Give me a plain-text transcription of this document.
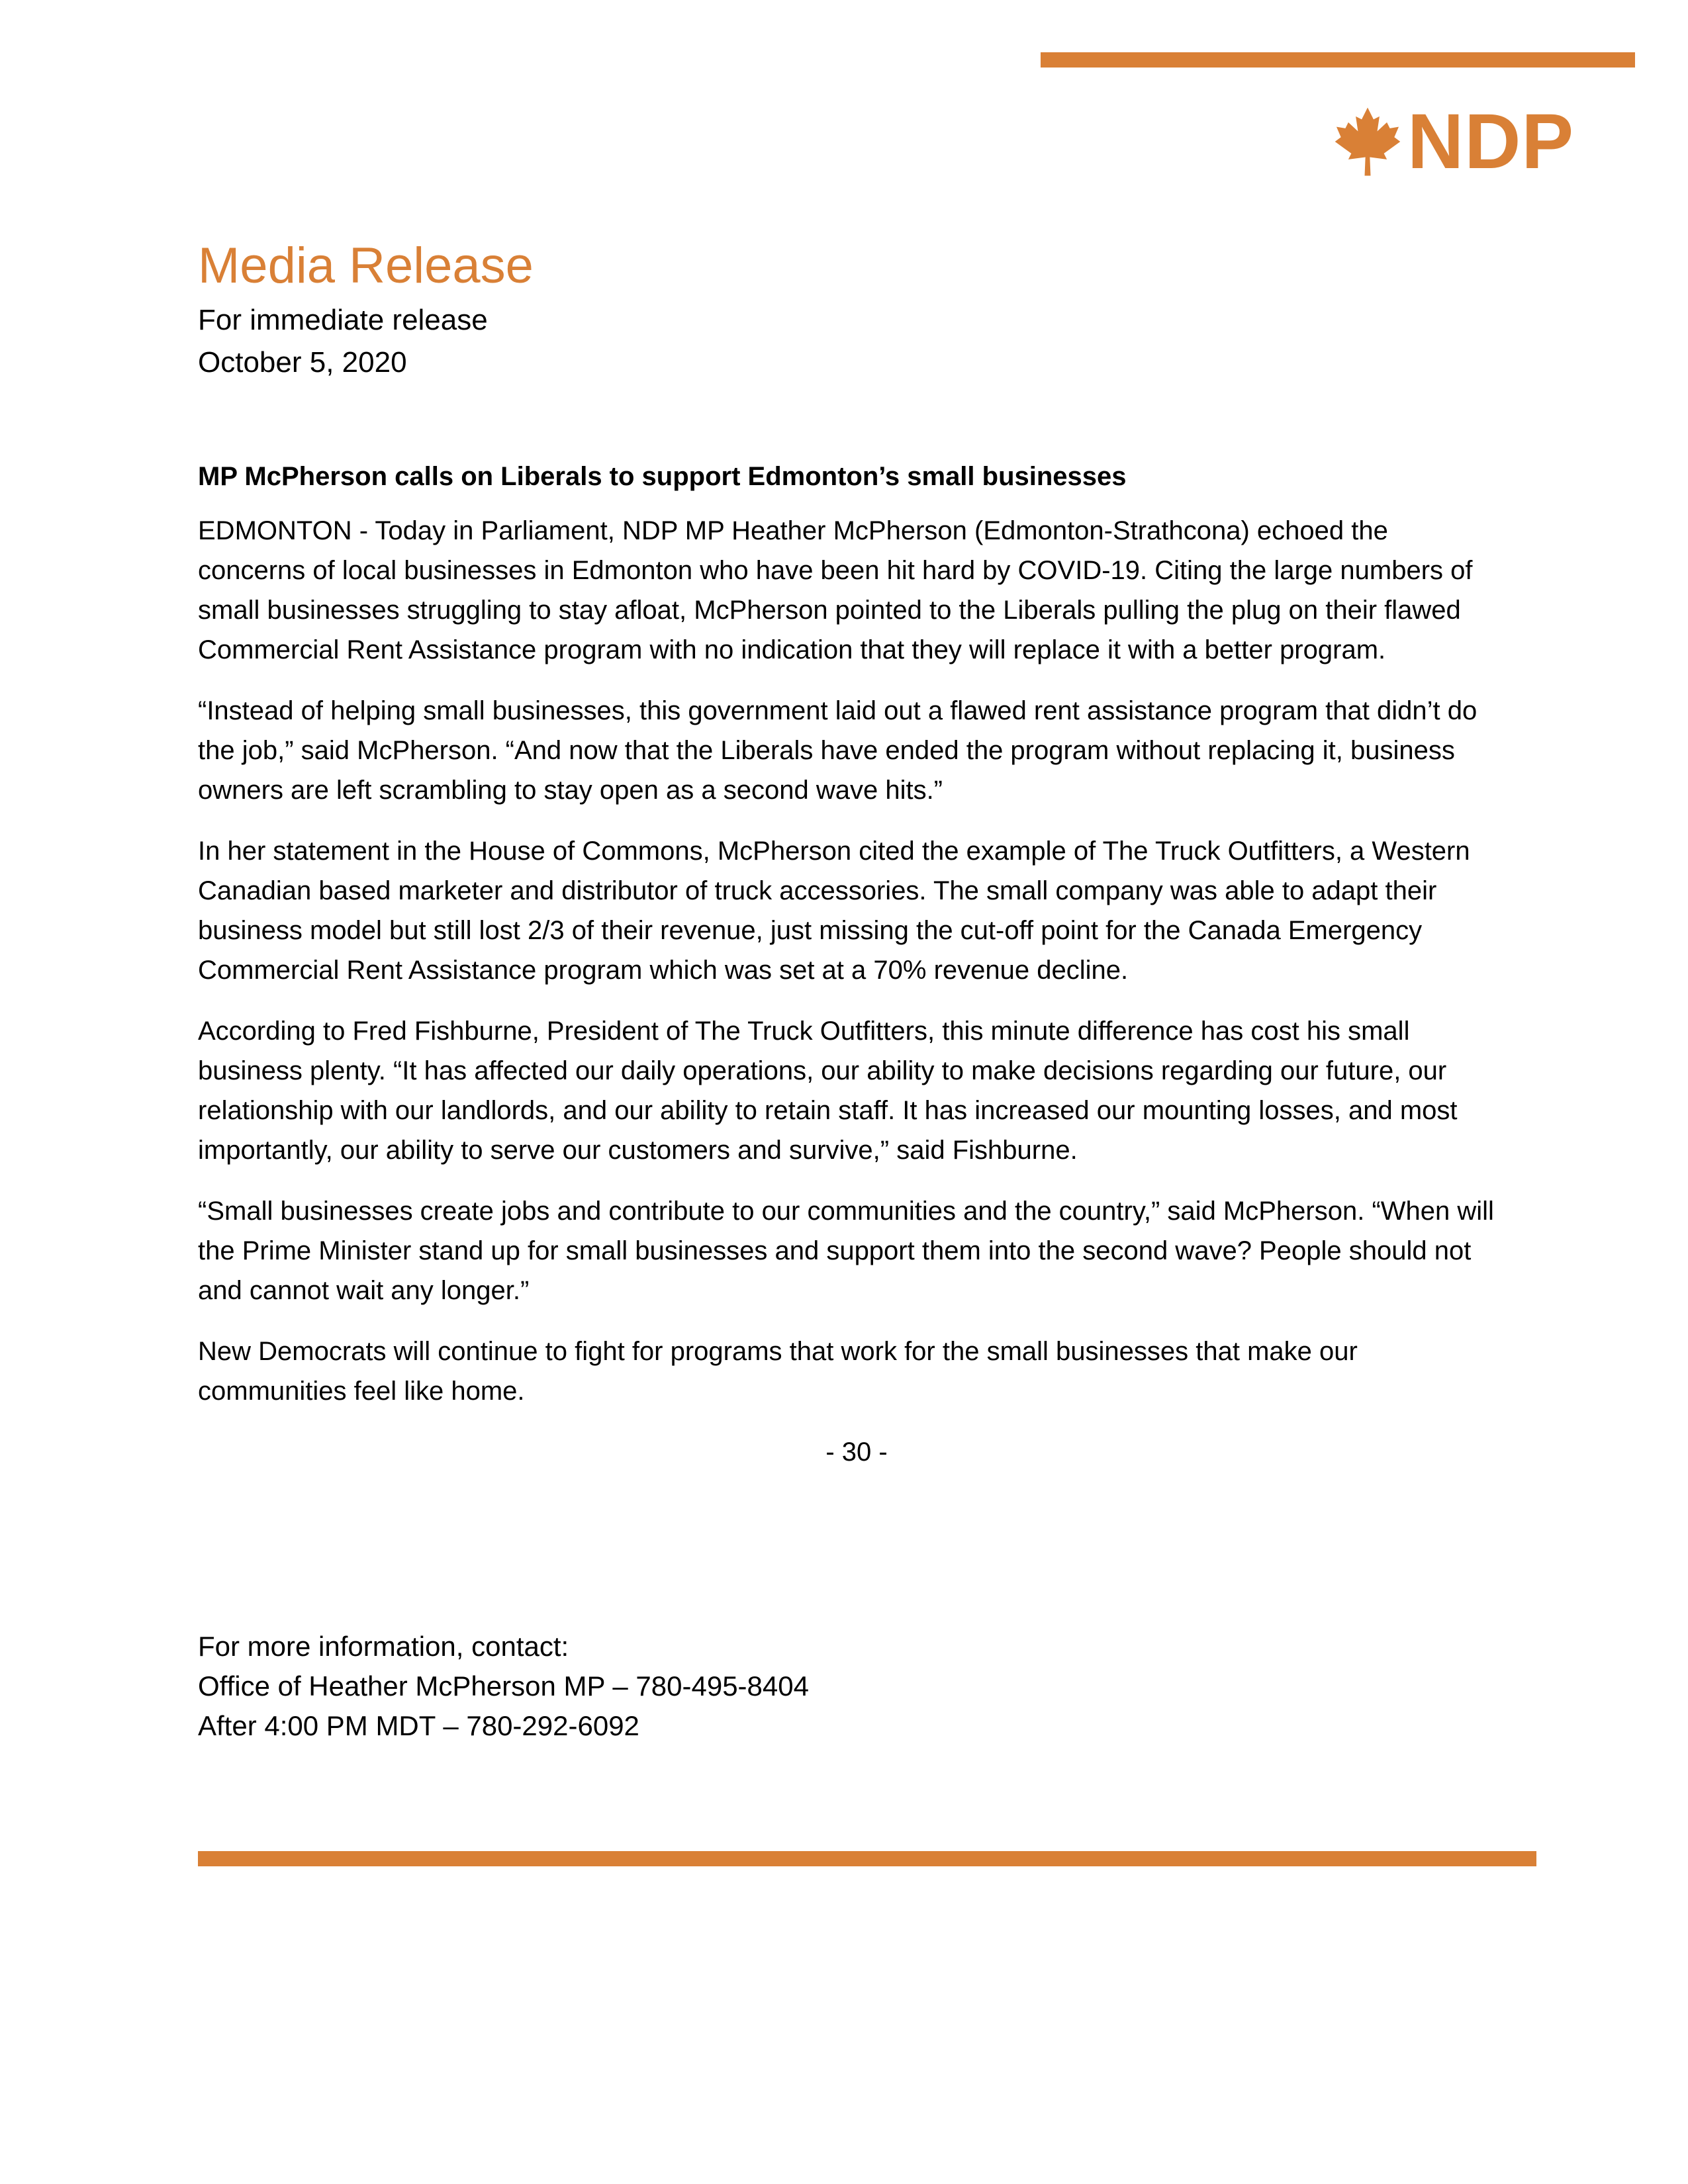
NDP
Media Release

For immediate release

October 5, 2020

MP McPherson calls on Liberals to support Edmonton’s small businesses

EDMONTON - Today in Parliament, NDP MP Heather McPherson (Edmonton-Strathcona) echoed the concerns of local businesses in Edmonton who have been hit hard by COVID-19. Citing the large numbers of small businesses struggling to stay afloat, McPherson pointed to the Liberals pulling the plug on their flawed Commercial Rent Assistance program with no indication that they will replace it with a better program.

“Instead of helping small businesses, this government laid out a flawed rent assistance program that didn’t do the job,” said McPherson. “And now that the Liberals have ended the program without replacing it, business owners are left scrambling to stay open as a second wave hits.”

In her statement in the House of Commons, McPherson cited the example of The Truck Outfitters, a Western Canadian based marketer and distributor of truck accessories. The small company was able to adapt their business model but still lost 2/3 of their revenue, just missing the cut-off point for the Canada Emergency Commercial Rent Assistance program which was set at a 70% revenue decline.

According to Fred Fishburne, President of The Truck Outfitters, this minute difference has cost his small business plenty. “It has affected our daily operations, our ability to make decisions regarding our future, our relationship with our landlords, and our ability to retain staff. It has increased our mounting losses, and most importantly, our ability to serve our customers and survive,” said Fishburne.

“Small businesses create jobs and contribute to our communities and the country,” said McPherson. “When will the Prime Minister stand up for small businesses and support them into the second wave? People should not and cannot wait any longer.”

New Democrats will continue to fight for programs that work for the small businesses that make our communities feel like home.

- 30 -

For more information, contact:

Office of Heather McPherson MP – 780-495-8404

After 4:00 PM MDT – 780-292-6092
